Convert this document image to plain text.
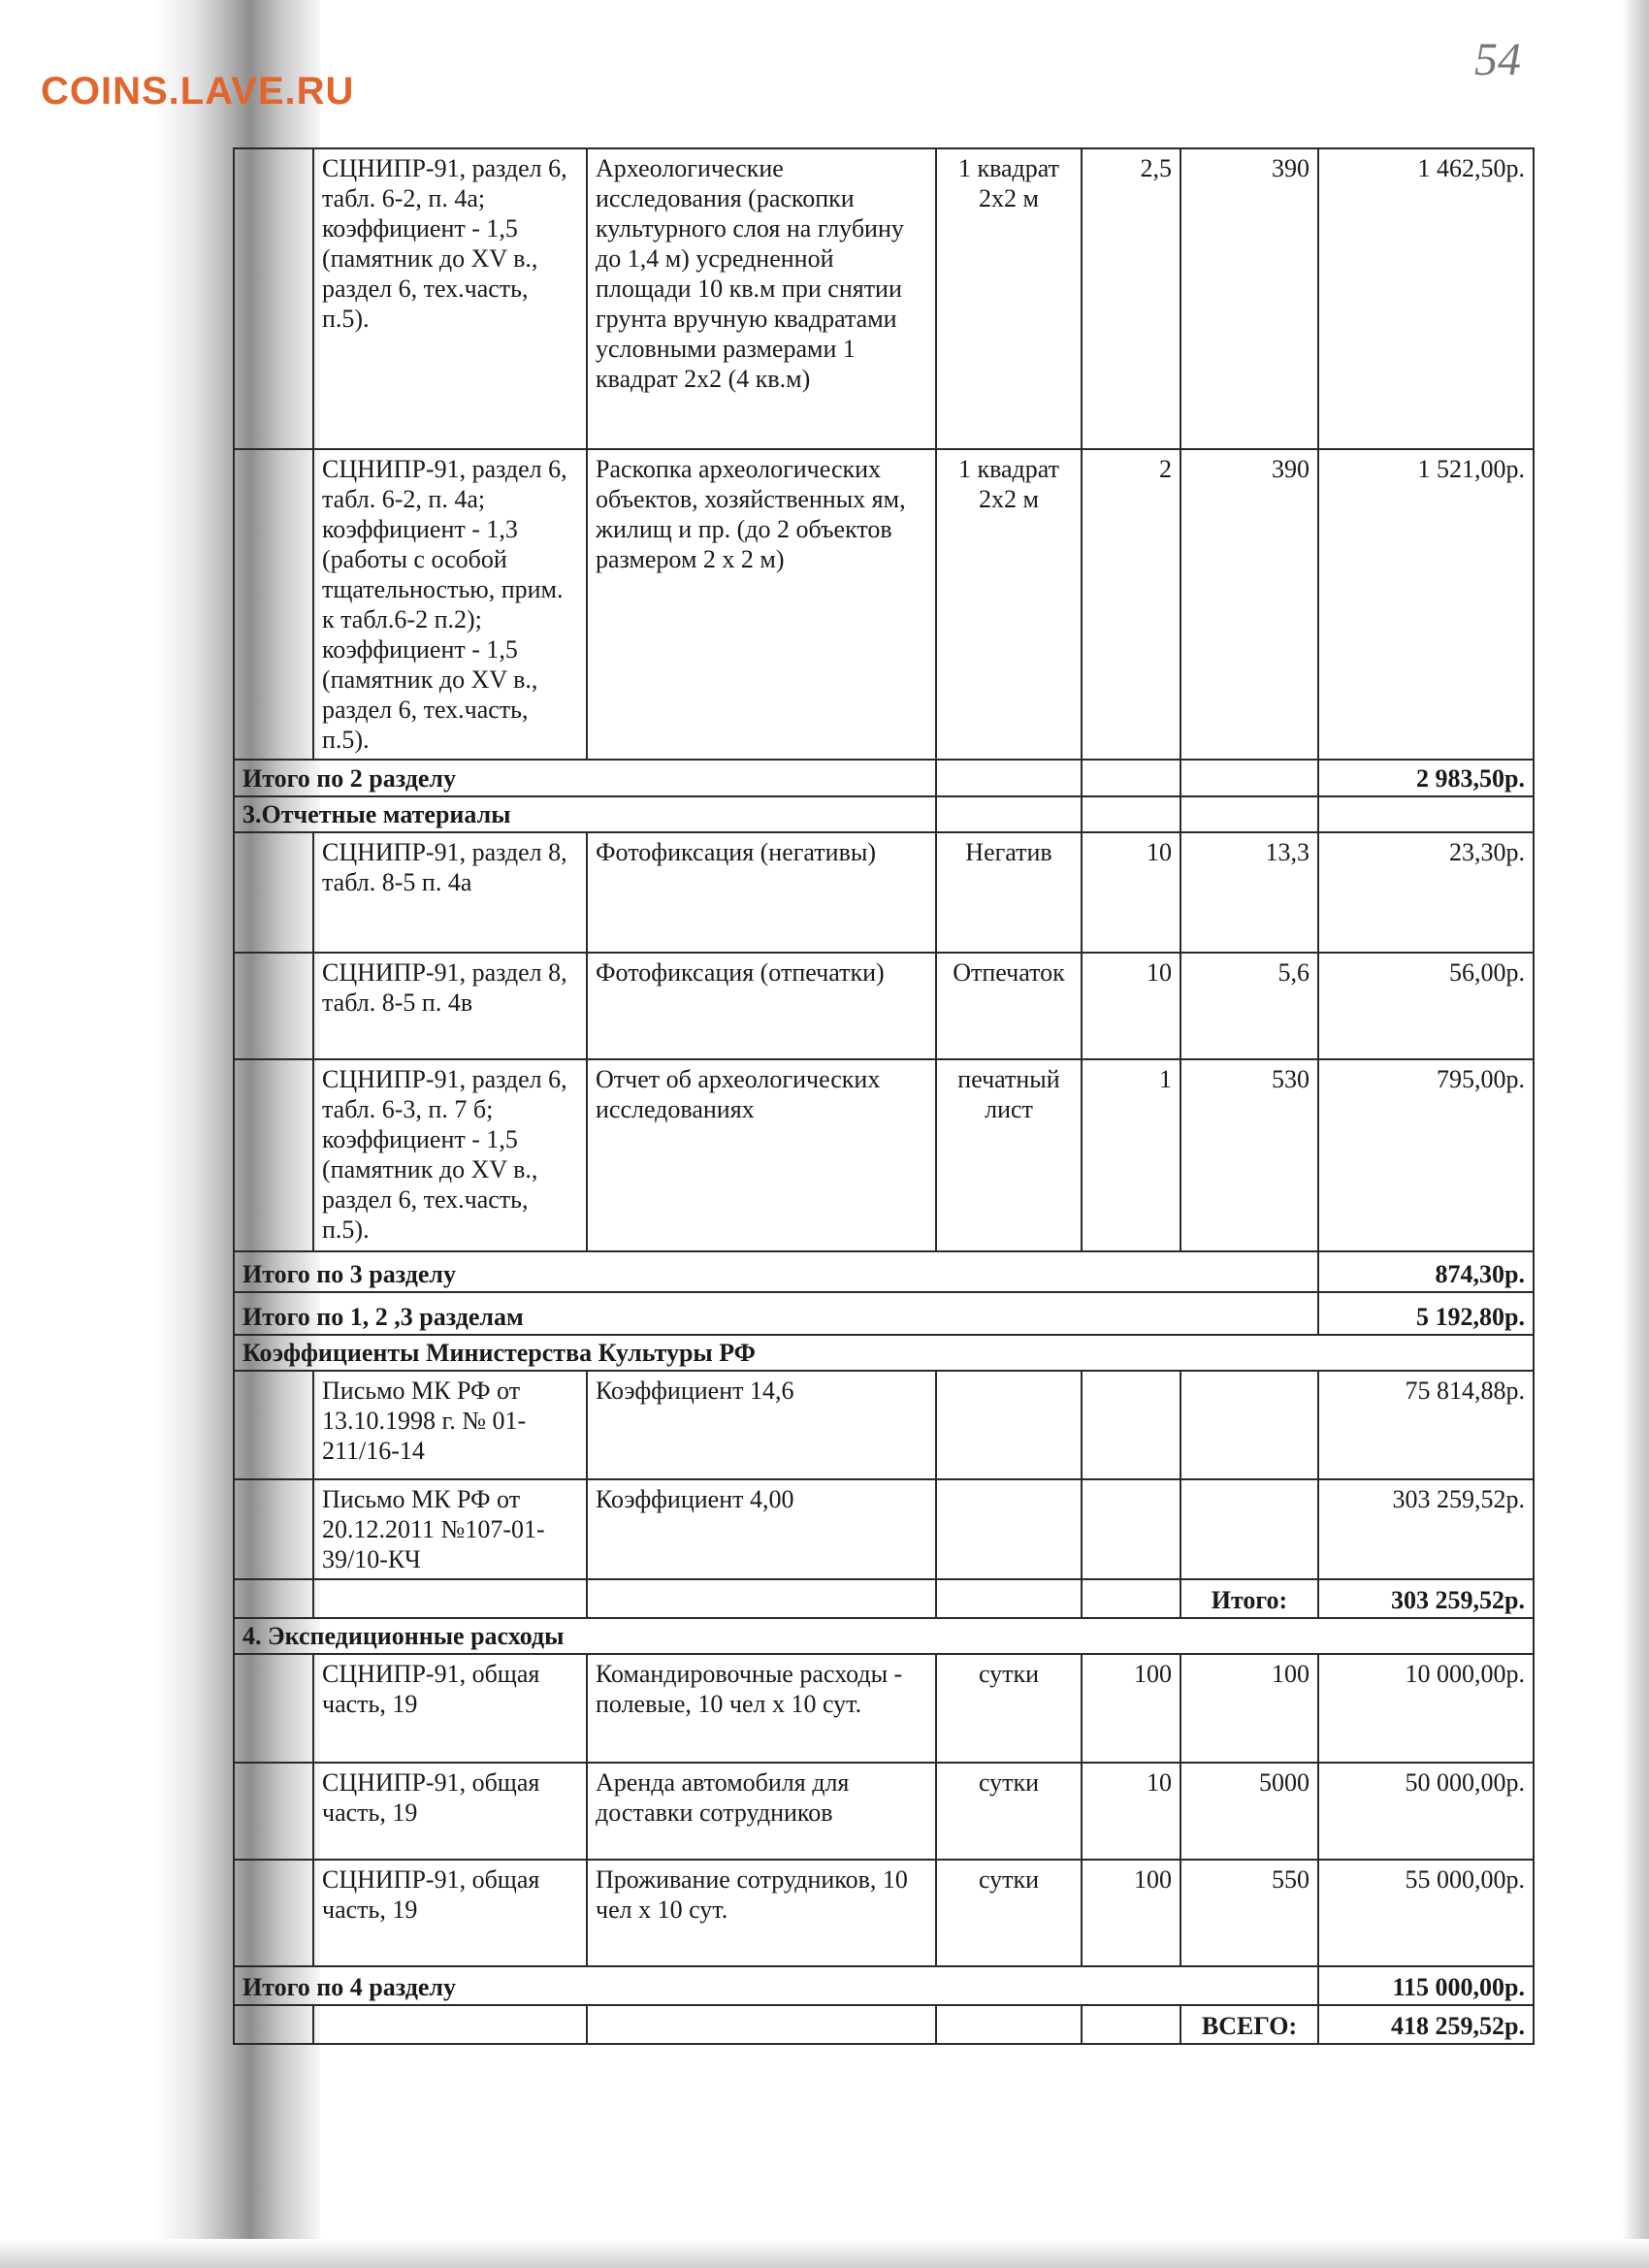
COINS.LAVE.RU
54
	СЦНИПР-91, раздел 6, табл. 6-2, п. 4а; коэффициент - 1,5 (памятник до XV в., раздел 6, тех.часть, п.5).	Археологические исследования (раскопки культурного слоя на глубину до 1,4 м) усредненной площади 10 кв.м при снятии грунта вручную квадратами условными размерами 1 квадрат 2х2 (4 кв.м)	1 квадрат 2х2 м	2,5	390	1 462,50р.
	СЦНИПР-91, раздел 6, табл. 6-2, п. 4а; коэффициент - 1,3 (работы с особой тщательностью, прим. к табл.6-2 п.2); коэффициент - 1,5 (памятник до XV в., раздел 6, тех.часть, п.5).	Раскопка археологических объектов, хозяйственных ям, жилищ и пр. (до 2 объектов размером 2 х 2 м)	1 квадрат 2х2 м	2	390	1 521,00р.
Итого по 2 разделу						2 983,50р.
3.Отчетные материалы						
	СЦНИПР-91, раздел 8, табл. 8-5 п. 4а	Фотофиксация (негативы)	Негатив	10	13,3	23,30р.
	СЦНИПР-91, раздел 8, табл. 8-5 п. 4в	Фотофиксация (отпечатки)	Отпечаток	10	5,6	56,00р.
	СЦНИПР-91, раздел 6, табл. 6-3, п. 7 б; коэффициент - 1,5 (памятник до XV в., раздел 6, тех.часть, п.5).	Отчет об археологических исследованиях	печатный лист	1	530	795,00р.
Итого по 3 разделу						874,30р.
Итого по 1, 2 ,3 разделам						5 192,80р.
Коэффициенты Министерства Культуры РФ						
	Письмо МК РФ от 13.10.1998 г. № 01-211/16-14	Коэффициент 14,6				75 814,88р.
	Письмо МК РФ от 20.12.2011 №107-01-39/10-КЧ	Коэффициент 4,00				303 259,52р.
					Итого:	303 259,52р.
4. Экспедиционные расходы						
	СЦНИПР-91, общая часть, 19	Командировочные расходы - полевые, 10 чел х 10 сут.	сутки	100	100	10 000,00р.
	СЦНИПР-91, общая часть, 19	Аренда автомобиля для доставки сотрудников	сутки	10	5000	50 000,00р.
	СЦНИПР-91, общая часть, 19	Проживание сотрудников, 10 чел х 10 сут.	сутки	100	550	55 000,00р.
Итого по 4 разделу						115 000,00р.
					ВСЕГО:	418 259,52р.
